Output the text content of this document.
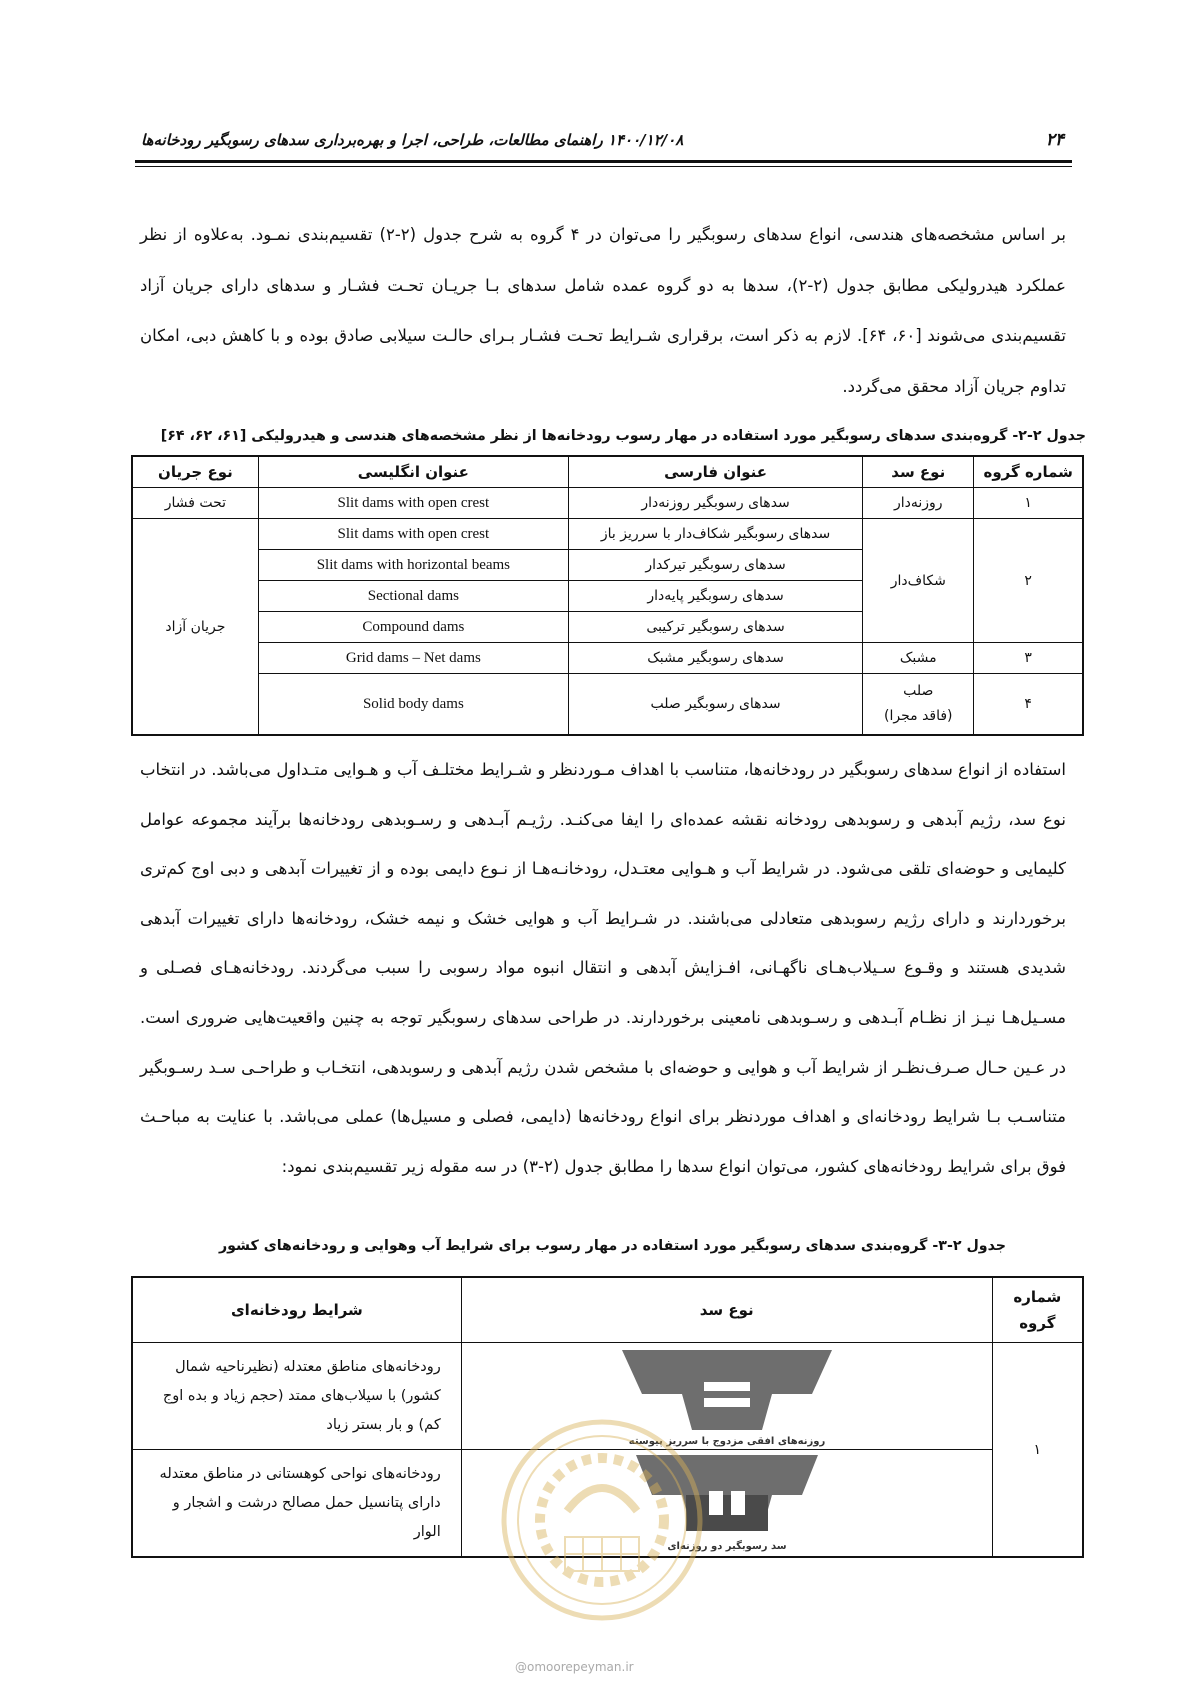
۲۴
۱۴۰۰/۱۲/۰۸ راهنمای مطالعات، طراحی، اجرا و بهره‌برداری سدهای رسوبگیر رودخانه‌ها
بر اساس مشخصه‌های هندسی، انواع سدهای رسوبگیر را می‌توان در ۴ گروه به شرح جدول (۲-۲) تقسیم‌بندی نمـود. به‌علاوه از نظر عملکرد هیدرولیکی مطابق جدول (۲-۲)، سدها به دو گروه عمده شامل سدهای بـا جریـان تحـت فشـار و سدهای دارای جریان آزاد تقسیم‌بندی می‌شوند [۶۰، ۶۴]. لازم به ذکر است، برقراری شـرایط تحـت فشـار بـرای حالـت سیلابی صادق بوده و با کاهش دبی، امکان تداوم جریان آزاد محقق می‌گردد.
جدول ۲-۲- گروه‌بندی سدهای رسوبگیر مورد استفاده در مهار رسوب رودخانه‌ها از نظر مشخصه‌های هندسی و هیدرولیکی [۶۱، ۶۲، ۶۴]
شماره گروه	نوع سد	عنوان فارسی	عنوان انگلیسی	نوع جریان
۱	روزنه‌دار	سدهای رسوبگیر روزنه‌دار	Slit dams with open crest	تحت فشار
۲	شکاف‌دار	سدهای رسوبگیر شکاف‌دار با سرریز باز	Slit dams with open crest	جریان آزاد
		سدهای رسوبگیر تیرکدار	Slit dams with horizontal beams	
		سدهای رسوبگیر پایه‌دار	Sectional dams	
		سدهای رسوبگیر ترکیبی	Compound dams	
۳	مشبک	سدهای رسوبگیر مشبک	Grid dams – Net dams	
۴	صلب
(فاقد مجرا)	سدهای رسوبگیر صلب	Solid body dams	
استفاده از انواع سدهای رسوبگیر در رودخانه‌ها، متناسب با اهداف مـوردنظر و شـرایط مختلـف آب و هـوایی متـداول می‌باشد. در انتخاب نوع سد، رژیم آبدهی و رسوبدهی رودخانه نقشه عمده‌ای را ایفا می‌کنـد. رژیـم آبـدهی و رسـوبدهی رودخانه‌ها برآیند مجموعه عوامل کلیمایی و حوضه‌ای تلقی می‌شود. در شرایط آب و هـوایی معتـدل، رودخانـه‌هـا از نـوع دایمی بوده و از تغییرات آبدهی و دبی اوج کم‌تری برخوردارند و دارای رژیم رسوبدهی متعادلی می‌باشند. در شـرایط آب و هوایی خشک و نیمه خشک، رودخانه‌ها دارای تغییرات آبدهی شدیدی هستند و وقـوع سـیلاب‌هـای ناگهـانی، افـزایش آبدهی و انتقال انبوه مواد رسوبی را سبب می‌گردند. رودخانه‌هـای فصـلی و مسـیل‌هـا نیـز از نظـام آبـدهی و رسـوبدهی نامعینی برخوردارند. در طراحی سدهای رسوبگیر توجه به چنین واقعیت‌هایی ضروری است. در عـین حـال صـرف‌نظـر از شرایط آب و هوایی و حوضه‌ای با مشخص شدن رژیم آبدهی و رسوبدهی، انتخـاب و طراحـی سـد رسـوبگیر متناسـب بـا شرایط رودخانه‌ای و اهداف موردنظر برای انواع رودخانه‌ها (دایمی، فصلی و مسیل‌ها) عملی می‌باشد. با عنایت به مباحـث فوق برای شرایط رودخانه‌های کشور، می‌توان انواع سدها را مطابق جدول (۲-۳) در سه مقوله زیر تقسیم‌بندی نمود:
جدول ۲-۳- گروه‌بندی سدهای رسوبگیر مورد استفاده در مهار رسوب برای شرایط آب وهوایی و رودخانه‌های کشور
شماره
گروه	نوع سد	شرایط رودخانه‌ای
۱	روزنه‌های افقی مزدوج با سرریز پیوسته	رودخانه‌های مناطق معتدله (نظیرناحیه شمال کشور) با سیلاب‌های ممتد (حجم زیاد و بده اوج کم) و بار بستر زیاد

سد رسوبگیر دو روزنه‌ای	رودخانه‌های نواحی کوهستانی در مناطق معتدله دارای پتانسیل حمل مصالح درشت و اشجار و الوار
@omoorepeyman.ir
